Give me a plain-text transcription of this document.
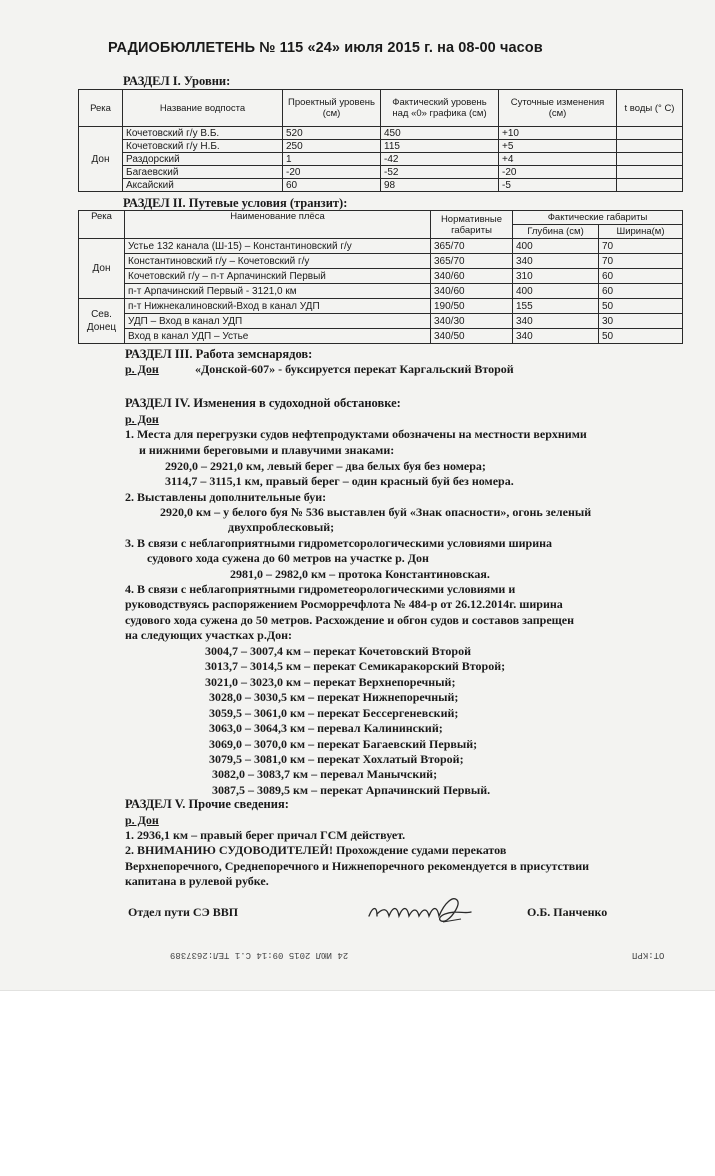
РАДИОБЮЛЛЕТЕНЬ № 115 «24» июля 2015 г. на 08-00 часов
РАЗДЕЛ I. Уровни:
Река	Название водпоста	Проектный уровень (см)	Фактический уровень над «0» графика (см)	Суточные изменения (см)	t воды (° С)
Дон	Кочетовский г/у В.Б.	520	450	+10	
	Кочетовский г/у Н.Б.	250	115	+5	
	Раздорский	1	-42	+4	
	Багаевский	-20	-52	-20	
	Аксайский	60	98	-5	
РАЗДЕЛ II. Путевые условия (транзит):
Река	Наименование плёса	Нормативные габариты	Фактические габариты	
			Глубина (см)	Ширина(м)
Дон	Устье 132 канала (Ш-15) – Константиновский г/у	365/70	400	70
	Константиновский г/у – Кочетовский г/у	365/70	340	70
	Кочетовский г/у – п-т Арпачинский Первый	340/60	310	60
	п-т Арпачинский Первый - 3121,0 км	340/60	400	60
Сев. Донец	п-т Нижнекалиновский-Вход в канал УДП	190/50	155	50
	УДП – Вход в канал УДП	340/30	340	30
	Вход в канал УДП – Устье	340/50	340	50
РАЗДЕЛ III. Работа земснарядов:
р. Дон	«Донской-607» - буксируется перекат Каргальский Второй
РАЗДЕЛ IV. Изменения в судоходной обстановке:
р. Дон
1. Места для перегрузки судов нефтепродуктами обозначены на местности верхними
и нижними береговыми и плавучими знаками:
2920,0 – 2921,0 км, левый берег – два белых буя без номера;
3114,7 – 3115,1 км, правый берег – один красный буй без номера.
2. Выставлены дополнительные буи:
2920,0 км – у белого буя № 536 выставлен буй «Знак опасности», огонь зеленый
двухпроблесковый;
3. В связи с неблагоприятными гидрометсорологическими условиями ширина
судового хода сужена до 60 метров на участке р. Дон
2981,0 – 2982,0 км – протока Константиновская.
4. В связи с неблагоприятными гидрометеорологическими условиями и
руководствуясь распоряжением Росморречфлота № 484-р от 26.12.2014г. ширина
судового хода сужена до 50 метров. Расхождение и обгон судов и составов запрещен
на следующих участках р.Дон:
3004,7 – 3007,4 км – перекат Кочетовский Второй
3013,7 – 3014,5 км – перекат Семикаракорский Второй;
3021,0 – 3023,0 км – перекат Верхнепоречный;
3028,0 – 3030,5 км – перекат Нижнепоречный;
3059,5 – 3061,0 км – перекат Бессергеневский;
3063,0 – 3064,3 км – перевал Калининский;
3069,0 – 3070,0 км – перекат Багаевский Первый;
3079,5 – 3081,0 км – перекат Хохлатый Второй;
3082,0 – 3083,7 км – перевал Манычский;
3087,5 – 3089,5 км – перекат Арпачинский Первый.
РАЗДЕЛ V. Прочие сведения:
р. Дон
1. 2936,1 км – правый берег причал ГСМ действует.
2. ВНИМАНИЮ СУДОВОДИТЕЛЕЙ! Прохождение судами перекатов
Верхнепоречного, Среднепоречного и Нижнепоречного рекомендуется в присутствии
капитана в рулевой рубке.
Отдел пути СЭ ВВП	О.Б. Панченко
24 ИЮЛ 2015 09:14 С.1 ТЕЛ:2637389	ОТ:КРП
